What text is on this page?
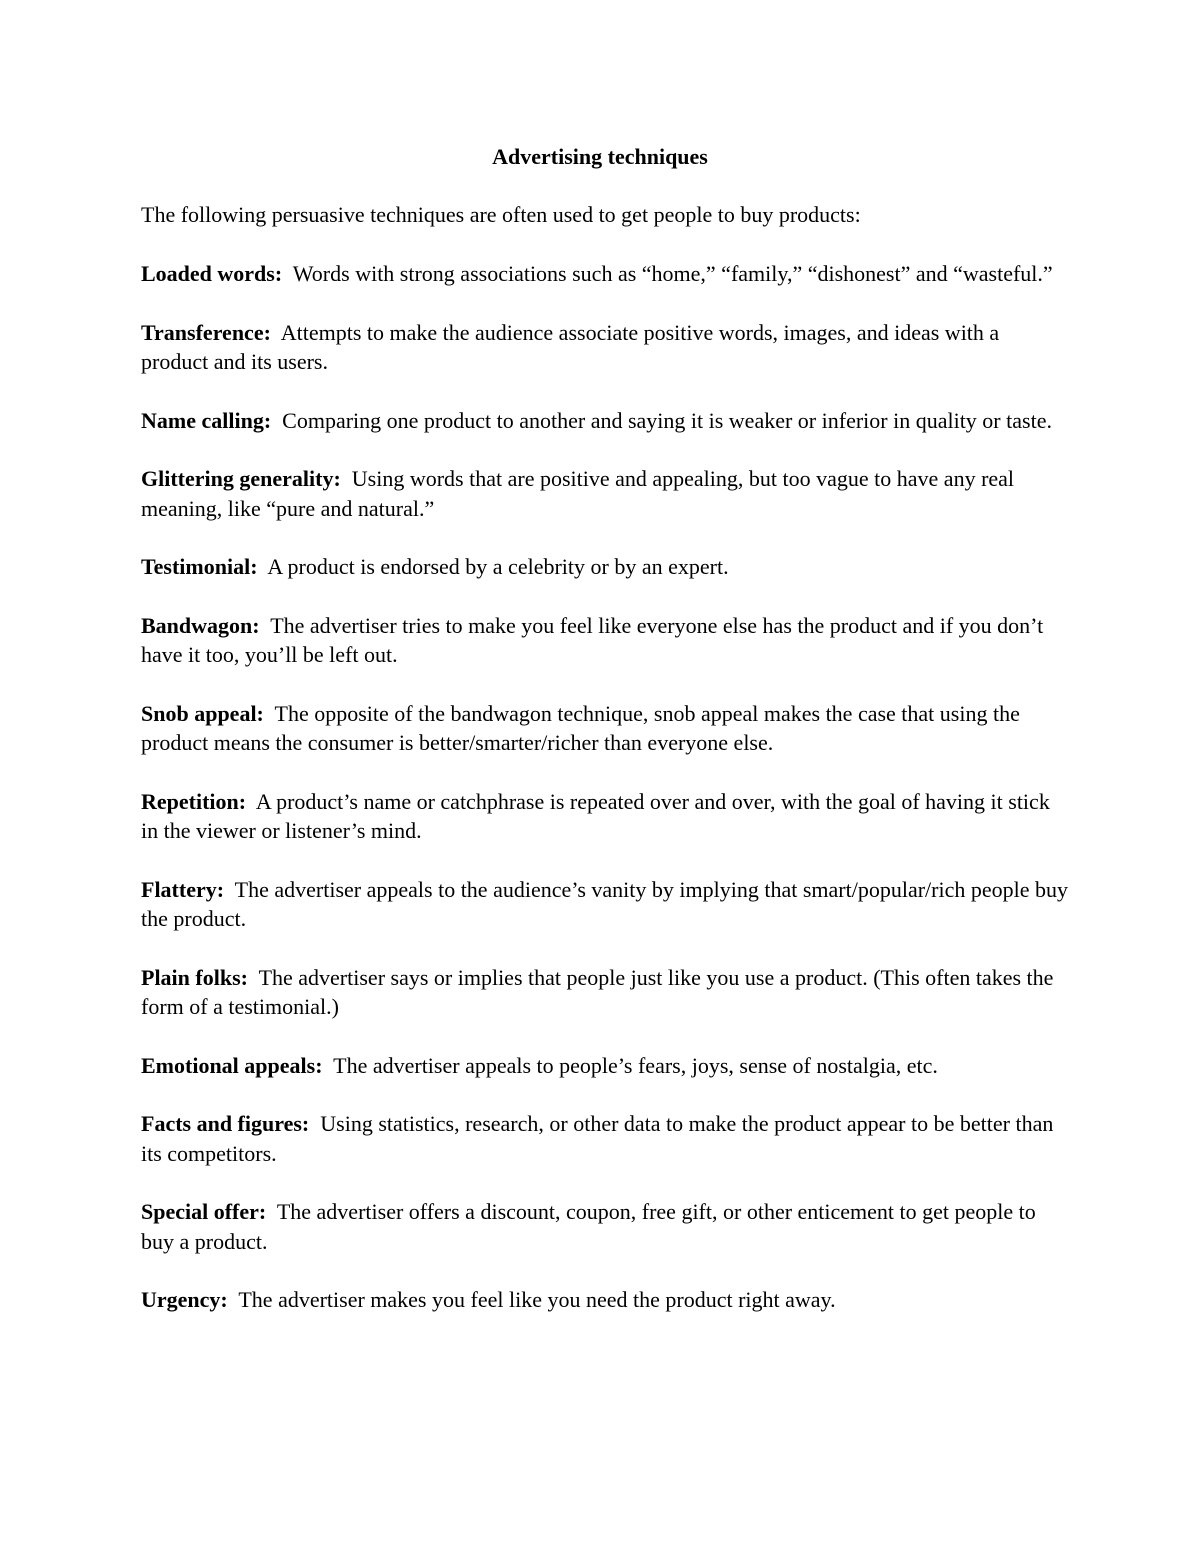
Advertising techniques

The following persuasive techniques are often used to get people to buy products:

Loaded words: Words with strong associations such as “home,” “family,” “dishonest” and “wasteful.”
Transference: Attempts to make the audience associate positive words, images, and ideas with a product and its users.
Name calling: Comparing one product to another and saying it is weaker or inferior in quality or taste.
Glittering generality: Using words that are positive and appealing, but too vague to have any real meaning, like “pure and natural.”
Testimonial: A product is endorsed by a celebrity or by an expert.
Bandwagon: The advertiser tries to make you feel like everyone else has the product and if you don’t have it too, you’ll be left out.
Snob appeal: The opposite of the bandwagon technique, snob appeal makes the case that using the product means the consumer is better/smarter/richer than everyone else.
Repetition: A product’s name or catchphrase is repeated over and over, with the goal of having it stick in the viewer or listener’s mind.
Flattery: The advertiser appeals to the audience’s vanity by implying that smart/popular/rich people buy the product.
Plain folks: The advertiser says or implies that people just like you use a product. (This often takes the form of a testimonial.)
Emotional appeals: The advertiser appeals to people’s fears, joys, sense of nostalgia, etc.
Facts and figures: Using statistics, research, or other data to make the product appear to be better than its competitors.
Special offer: The advertiser offers a discount, coupon, free gift, or other enticement to get people to buy a product.
Urgency: The advertiser makes you feel like you need the product right away.
